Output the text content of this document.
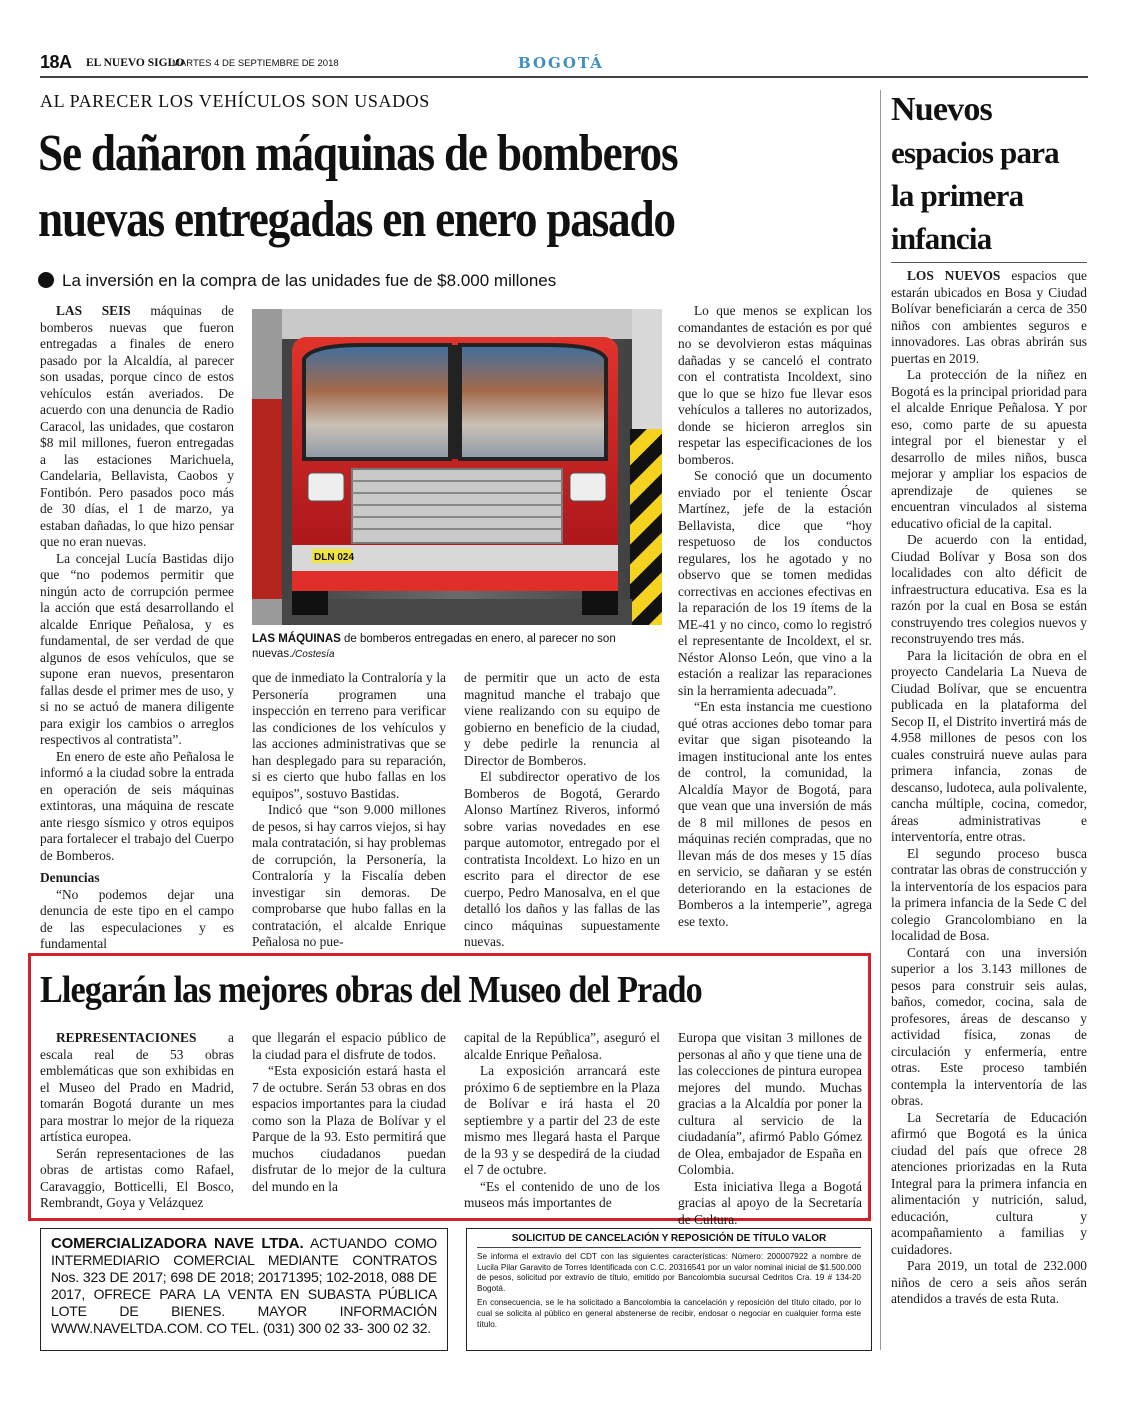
18A EL NUEVO SIGLO
MARTES 4 DE SEPTIEMBRE DE 2018	BOGOTÁ
AL PARECER LOS VEHÍCULOS SON USADOS
Se dañaron máquinas de bomberos
nuevas entregadas en enero pasado
La inversión en la compra de las unidades fue de $8.000 millones

LAS SEIS máquinas de bomberos nuevas que fueron entregadas a finales de enero pasado por la Alcaldía, al parecer son usadas, porque cinco de estos vehículos están averiados. De acuerdo con una denuncia de Radio Caracol, las unidades, que costaron $8 mil millones, fueron entregadas a las estaciones Marichuela, Candelaria, Bellavista, Caobos y Fontibón. Pero pasados poco más de 30 días, el 1 de marzo, ya estaban dañadas, lo que hizo pensar que no eran nuevas.

La concejal Lucía Bastidas dijo que “no podemos permitir que ningún acto de corrupción permee la acción que está desarrollando el alcalde Enrique Peñalosa, y es fundamental, de ser verdad de que algunos de esos vehículos, que se supone eran nuevos, presentaron fallas desde el primer mes de uso, y si no se actuó de manera diligente para exigir los cambios o arreglos respectivos al contratista”.

En enero de este año Peñalosa le informó a la ciudad sobre la entrada en operación de seis máquinas extintoras, una máquina de rescate ante riesgo sísmico y otros equipos para fortalecer el trabajo del Cuerpo de Bomberos.

Denuncias

“No podemos dejar una denuncia de este tipo en el campo de las especulaciones y es fundamental

DLN 024
LAS MÁQUINAS de bomberos entregadas en enero, al parecer no son nuevas./Costesía

que de inmediato la Contraloría y la Personería programen una inspección en terreno para verificar las condiciones de los vehículos y las acciones administrativas que se han desplegado para su reparación, si es cierto que hubo fallas en los equipos”, sostuvo Bastidas.

Indicó que “son 9.000 millones de pesos, si hay carros viejos, si hay mala contratación, si hay problemas de corrupción, la Personería, la Contraloría y la Fiscalía deben investigar sin demoras. De comprobarse que hubo fallas en la contratación, el alcalde Enrique Peñalosa no pue-

de permitir que un acto de esta magnitud manche el trabajo que viene realizando con su equipo de gobierno en beneficio de la ciudad, y debe pedirle la renuncia al Director de Bomberos.

El subdirector operativo de los Bomberos de Bogotá, Gerardo Alonso Martínez Riveros, informó sobre varias novedades en ese parque automotor, entregado por el contratista Incoldext. Lo hizo en un escrito para el director de ese cuerpo, Pedro Manosalva, en el que detalló los daños y las fallas de las cinco máquinas supuestamente nuevas.

Lo que menos se explican los comandantes de estación es por qué no se devolvieron estas máquinas dañadas y se canceló el contrato con el contratista Incoldext, sino que lo que se hizo fue llevar esos vehículos a talleres no autorizados, donde se hicieron arreglos sin respetar las especificaciones de los bomberos.

Se conoció que un documento enviado por el teniente Óscar Martínez, jefe de la estación Bellavista, dice que “hoy respetuoso de los conductos regulares, los he agotado y no observo que se tomen medidas correctivas en acciones efectivas en la reparación de los 19 ítems de la ME-41 y no cinco, como lo registró el representante de Incoldext, el sr. Néstor Alonso León, que vino a la estación a realizar las reparaciones sin la herramienta adecuada”.

“En esta instancia me cuestiono qué otras acciones debo tomar para evitar que sigan pisoteando la imagen institucional ante los entes de control, la comunidad, la Alcaldía Mayor de Bogotá, para que vean que una inversión de más de 8 mil millones de pesos en máquinas recién compradas, que no llevan más de dos meses y 15 días en servicio, se dañaran y se estén deteriorando en la estaciones de Bomberos a la intemperie”, agrega ese texto.

Nuevos
espacios para
la primera
infancia

LOS NUEVOS espacios que estarán ubicados en Bosa y Ciudad Bolívar beneficiarán a cerca de 350 niños con ambientes seguros e innovadores. Las obras abrirán sus puertas en 2019.

La protección de la niñez en Bogotá es la principal prioridad para el alcalde Enrique Peñalosa. Y por eso, como parte de su apuesta integral por el bienestar y el desarrollo de miles niños, busca mejorar y ampliar los espacios de aprendizaje de quienes se encuentran vinculados al sistema educativo oficial de la capital.

De acuerdo con la entidad, Ciudad Bolívar y Bosa son dos localidades con alto déficit de infraestructura educativa. Esa es la razón por la cual en Bosa se están construyendo tres colegios nuevos y reconstruyendo tres más.

Para la licitación de obra en el proyecto Candelaria La Nueva de Ciudad Bolívar, que se encuentra publicada en la plataforma del Secop II, el Distrito invertirá más de 4.958 millones de pesos con los cuales construirá nueve aulas para primera infancia, zonas de descanso, ludoteca, aula polivalente, cancha múltiple, cocina, comedor, áreas administrativas e interventoría, entre otras.

El segundo proceso busca contratar las obras de construcción y la interventoría de los espacios para la primera infancia de la Sede C del colegio Grancolombiano en la localidad de Bosa.

Contará con una inversión superior a los 3.143 millones de pesos para construir seis aulas, baños, comedor, cocina, sala de profesores, áreas de descanso y actividad física, zonas de circulación y enfermería, entre otras. Este proceso también contempla la interventoría de las obras.

La Secretaría de Educación afirmó que Bogotá es la única ciudad del país que ofrece 28 atenciones priorizadas en la Ruta Integral para la primera infancia en alimentación y nutrición, salud, educación, cultura y acompañamiento a familias y cuidadores.

Para 2019, un total de 232.000 niños de cero a seis años serán atendidos a través de esta Ruta.

Llegarán las mejores obras del Museo del Prado

REPRESENTACIONES a escala real de 53 obras emblemáticas que son exhibidas en el Museo del Prado en Madrid, tomarán Bogotá durante un mes para mostrar lo mejor de la riqueza artística europea.

Serán representaciones de las obras de artistas como Rafael, Caravaggio, Botticelli, El Bosco, Rembrandt, Goya y Velázquez

que llegarán el espacio público de la ciudad para el disfrute de todos.

“Esta exposición estará hasta el 7 de octubre. Serán 53 obras en dos espacios importantes para la ciudad como son la Plaza de Bolívar y el Parque de la 93. Esto permitirá que muchos ciudadanos puedan disfrutar de lo mejor de la cultura del mundo en la

capital de la República”, aseguró el alcalde Enrique Peñalosa.

La exposición arrancará este próximo 6 de septiembre en la Plaza de Bolívar e irá hasta el 20 septiembre y a partir del 23 de este mismo mes llegará hasta el Parque de la 93 y se despedirá de la ciudad el 7 de octubre.

“Es el contenido de uno de los museos más importantes de

Europa que visitan 3 millones de personas al año y que tiene una de las colecciones de pintura europea mejores del mundo. Muchas gracias a la Alcaldía por poner la cultura al servicio de la ciudadanía”, afirmó Pablo Gómez de Olea, embajador de España en Colombia.

Esta iniciativa llega a Bogotá gracias al apoyo de la Secretaría de Cultura.

COMERCIALIZADORA NAVE LTDA. ACTUANDO COMO INTERMEDIARIO COMERCIAL MEDIANTE CONTRATOS Nos. 323 DE 2017; 698 DE 2018; 20171395; 102-2018, 088 DE 2017, OFRECE PARA LA VENTA EN SUBASTA PÚBLICA LOTE DE BIENES. MAYOR INFORMACIÓN WWW.NAVELTDA.COM. CO TEL. (031) 300 02 33- 300 02 32.
SOLICITUD DE CANCELACIÓN Y REPOSICIÓN DE TÍTULO VALOR

Se informa el extravío del CDT con las siguientes características: Número: 200007922 a nombre de Lucila Pilar Garavito de Torres Identificada con C.C. 20316541 por un valor nominal inicial de $1.500.000 de pesos, solicitud por extravío de título, emitido por Bancolombia sucursal Cedritos Cra. 19 # 134-20 Bogotá.

En consecuencia, se le ha solicitado a Bancolombia la cancelación y reposición del título citado, por lo cual se solicita al público en general abstenerse de recibir, endosar o negociar en cualquier forma este título.
